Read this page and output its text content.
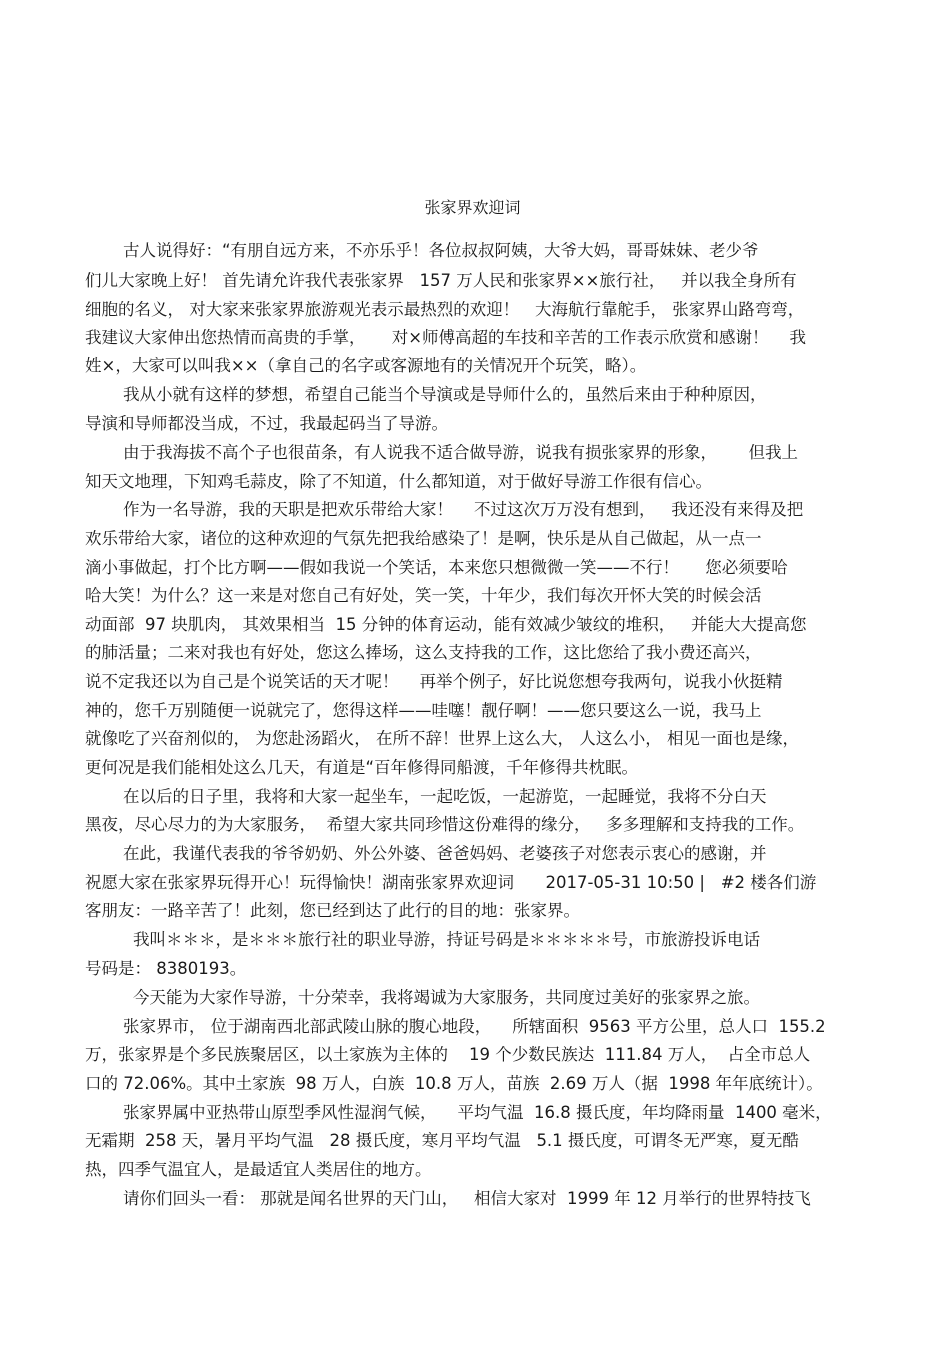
张家界欢迎词
古人说得好：“有朋自远方来，不亦乐乎！各位叔叔阿姨，大爷大妈，哥哥妹妹、老少爷
们儿大家晚上好！ 首先请允许我代表张家界   157 万人民和张家界××旅行社，   并以我全身所有
细胞的名义， 对大家来张家界旅游观光表示最热烈的欢迎！   大海航行靠舵手， 张家界山路弯弯，
我建议大家伸出您热情而高贵的手掌，     对×师傅高超的车技和辛苦的工作表示欣赏和感谢！    我
姓×，大家可以叫我××（拿自己的名字或客源地有的关情况开个玩笑，略）。
我从小就有这样的梦想，希望自己能当个导演或是导师什么的，虽然后来由于种种原因，
导演和导师都没当成，不过，我最起码当了导游。
由于我海拔不高个子也很苗条，有人说我不适合做导游，说我有损张家界的形象，      但我上
知天文地理，下知鸡毛蒜皮，除了不知道，什么都知道，对于做好导游工作很有信心。
作为一名导游，我的天职是把欢乐带给大家！    不过这次万万没有想到，   我还没有来得及把
欢乐带给大家，诸位的这种欢迎的气氛先把我给感染了！是啊，快乐是从自己做起，从一点一
滴小事做起，打个比方啊——假如我说一个笑话，本来您只想微微一笑——不行！     您必须要哈
哈大笑！为什么？这一来是对您自己有好处，笑一笑，十年少，我们每次开怀大笑的时候会活
动面部  97 块肌肉， 其效果相当  15 分钟的体育运动，能有效减少皱纹的堆积，   并能大大提高您
的肺活量；二来对我也有好处，您这么捧场，这么支持我的工作，这比您给了我小费还高兴，
说不定我还以为自己是个说笑话的天才呢！    再举个例子，好比说您想夸我两句，说我小伙挺精
神的，您千万别随便一说就完了，您得这样——哇噻！靓仔啊！——您只要这么一说，我马上
就像吃了兴奋剂似的， 为您赴汤蹈火， 在所不辞！世界上这么大， 人这么小， 相见一面也是缘，
更何况是我们能相处这么几天，有道是“百年修得同船渡，千年修得共枕眠。
在以后的日子里，我将和大家一起坐车，一起吃饭，一起游览，一起睡觉，我将不分白天
黑夜，尽心尽力的为大家服务，  希望大家共同珍惜这份难得的缘分，   多多理解和支持我的工作。
在此，我谨代表我的爷爷奶奶、外公外婆、爸爸妈妈、老婆孩子对您表示衷心的感谢，并
祝愿大家在张家界玩得开心！玩得愉快！湖南张家界欢迎词      2017-05-31 10:50 |   #2 楼各们游
客朋友：一路辛苦了！此刻，您已经到达了此行的目的地：张家界。
我叫＊＊＊，是＊＊＊旅行社的职业导游，持证号码是＊＊＊＊＊号，市旅游投诉电话
号码是： 8380193。
今天能为大家作导游，十分荣幸，我将竭诚为大家服务，共同度过美好的张家界之旅。
张家界市， 位于湖南西北部武陵山脉的腹心地段，    所辖面积  9563 平方公里，总人口  155.2
万，张家界是个多民族聚居区，以土家族为主体的    19 个少数民族达  111.84 万人，  占全市总人
口的 72.06%。其中土家族  98 万人，白族  10.8 万人，苗族  2.69 万人（据  1998 年年底统计）。
张家界属中亚热带山原型季风性湿润气候，    平均气温  16.8 摄氏度，年均降雨量  1400 毫米，
无霜期  258 天，暑月平均气温   28 摄氏度，寒月平均气温   5.1 摄氏度，可谓冬无严寒，夏无酷
热，四季气温宜人，是最适宜人类居住的地方。
请你们回头一看： 那就是闻名世界的天门山，   相信大家对  1999 年 12 月举行的世界特技飞
